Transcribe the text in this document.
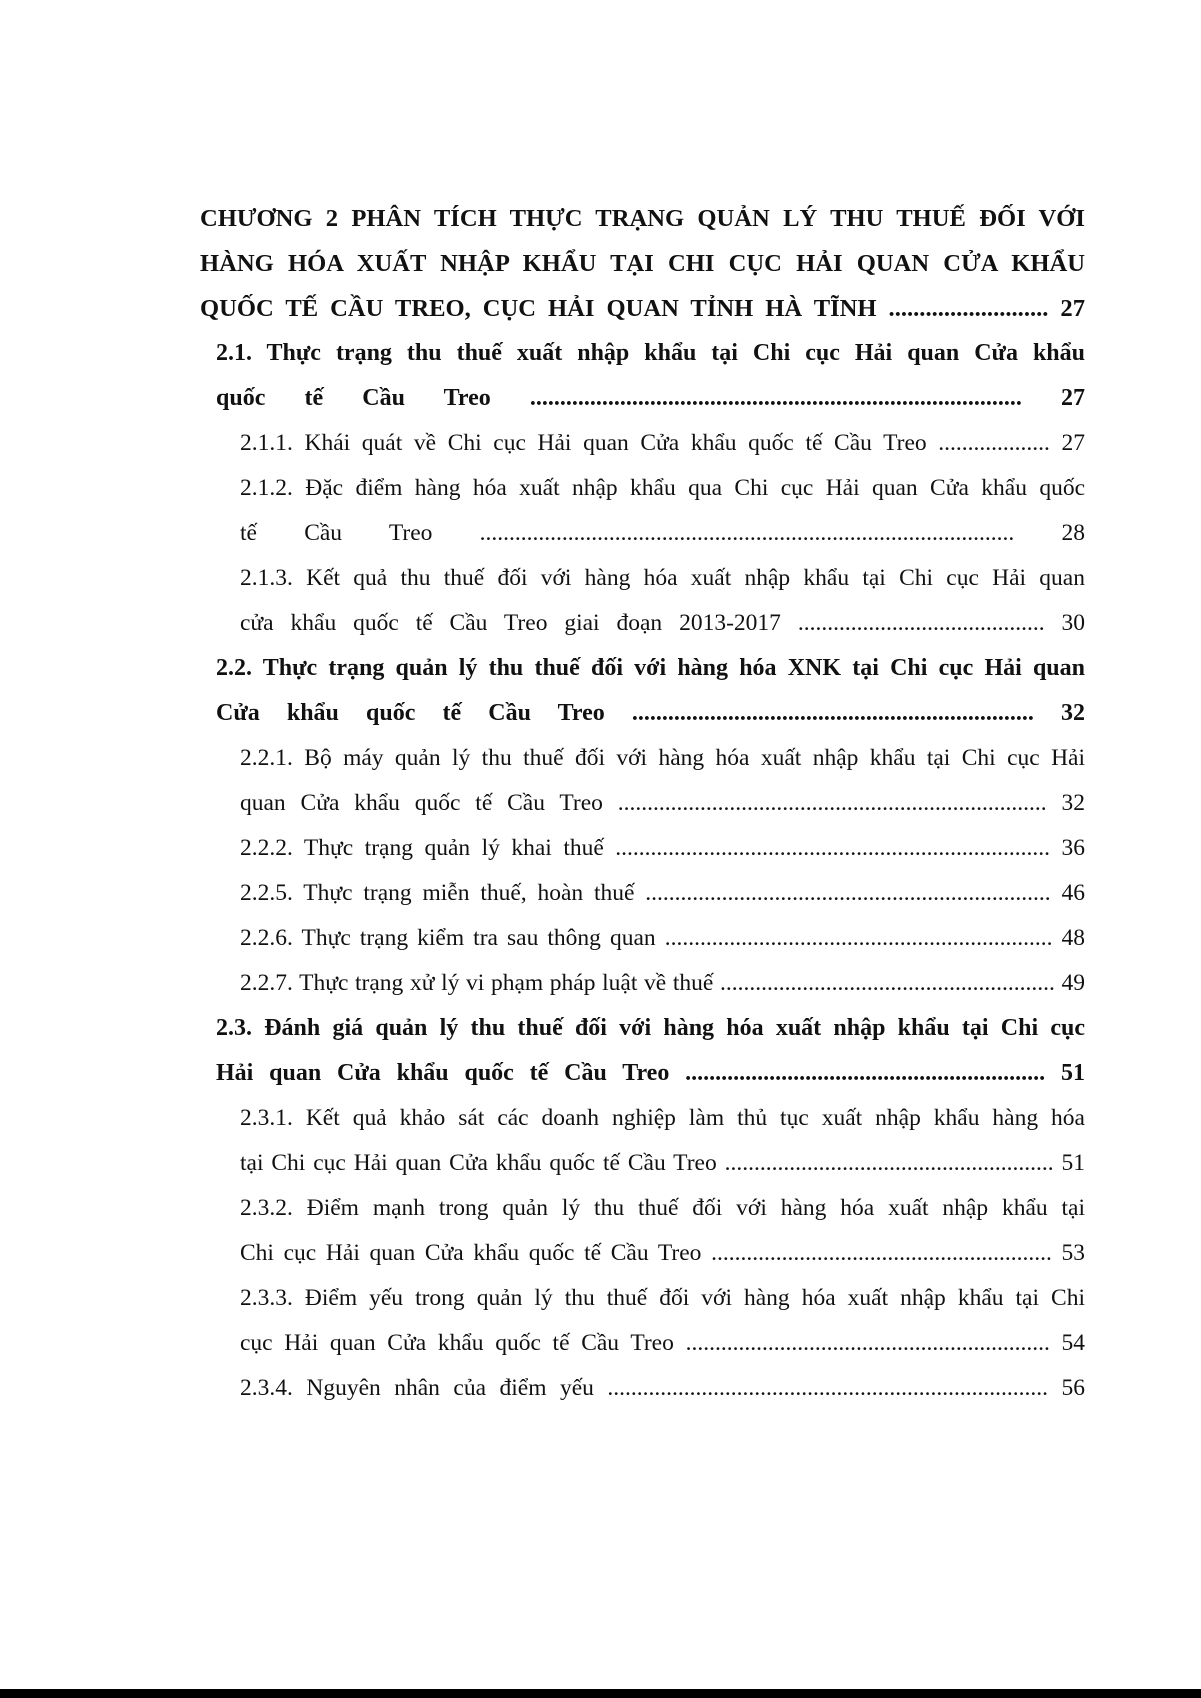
CHƯƠNG 2 PHÂN TÍCH THỰC TRẠNG QUẢN LÝ THU THUẾ ĐỐI VỚI

HÀNG HÓA XUẤT NHẬP KHẨU TẠI CHI CỤC HẢI QUAN CỬA KHẨU

QUỐC TẾ CẦU TREO, CỤC HẢI QUAN TỈNH HÀ TĨNH .......................... 27

2.1. Thực trạng thu thuế xuất nhập khẩu tại Chi cục Hải quan Cửa khẩu

quốc tế Cầu Treo .................................................................................. 27

2.1.1. Khái quát về Chi cục Hải quan Cửa khẩu quốc tế Cầu Treo ................... 27

2.1.2. Đặc điểm hàng hóa xuất nhập khẩu qua Chi cục Hải quan Cửa khẩu quốc

tế Cầu Treo ........................................................................................... 28

2.1.3. Kết quả thu thuế đối với hàng hóa xuất nhập khẩu tại Chi cục Hải quan

cửa khẩu quốc tế Cầu Treo giai đoạn 2013-2017 .......................................... 30

2.2. Thực trạng quản lý thu thuế đối với hàng hóa XNK tại Chi cục Hải quan

Cửa khẩu quốc tế Cầu Treo ................................................................... 32

2.2.1. Bộ máy quản lý thu thuế đối với hàng hóa xuất nhập khẩu tại Chi cục Hải

quan Cửa khẩu quốc tế Cầu Treo ......................................................................... 32

2.2.2. Thực trạng quản lý khai thuế .......................................................................... 36

2.2.5. Thực trạng miễn thuế, hoàn thuế ..................................................................... 46

2.2.6. Thực trạng kiểm tra sau thông quan .................................................................. 48

2.2.7. Thực trạng xử lý vi phạm pháp luật về thuế ......................................................... 49

2.3. Đánh giá quản lý thu thuế đối với hàng hóa xuất nhập khẩu tại Chi cục

Hải quan Cửa khẩu quốc tế Cầu Treo ............................................................ 51

2.3.1. Kết quả khảo sát các doanh nghiệp làm thủ tục xuất nhập khẩu hàng hóa

tại Chi cục Hải quan Cửa khẩu quốc tế Cầu Treo ........................................................ 51

2.3.2. Điểm mạnh trong quản lý thu thuế đối với hàng hóa xuất nhập khẩu tại

Chi cục Hải quan Cửa khẩu quốc tế Cầu Treo .......................................................... 53

2.3.3. Điểm yếu trong quản lý thu thuế đối với hàng hóa xuất nhập khẩu tại Chi

cục Hải quan Cửa khẩu quốc tế Cầu Treo .............................................................. 54

2.3.4. Nguyên nhân của điểm yếu ........................................................................... 56
